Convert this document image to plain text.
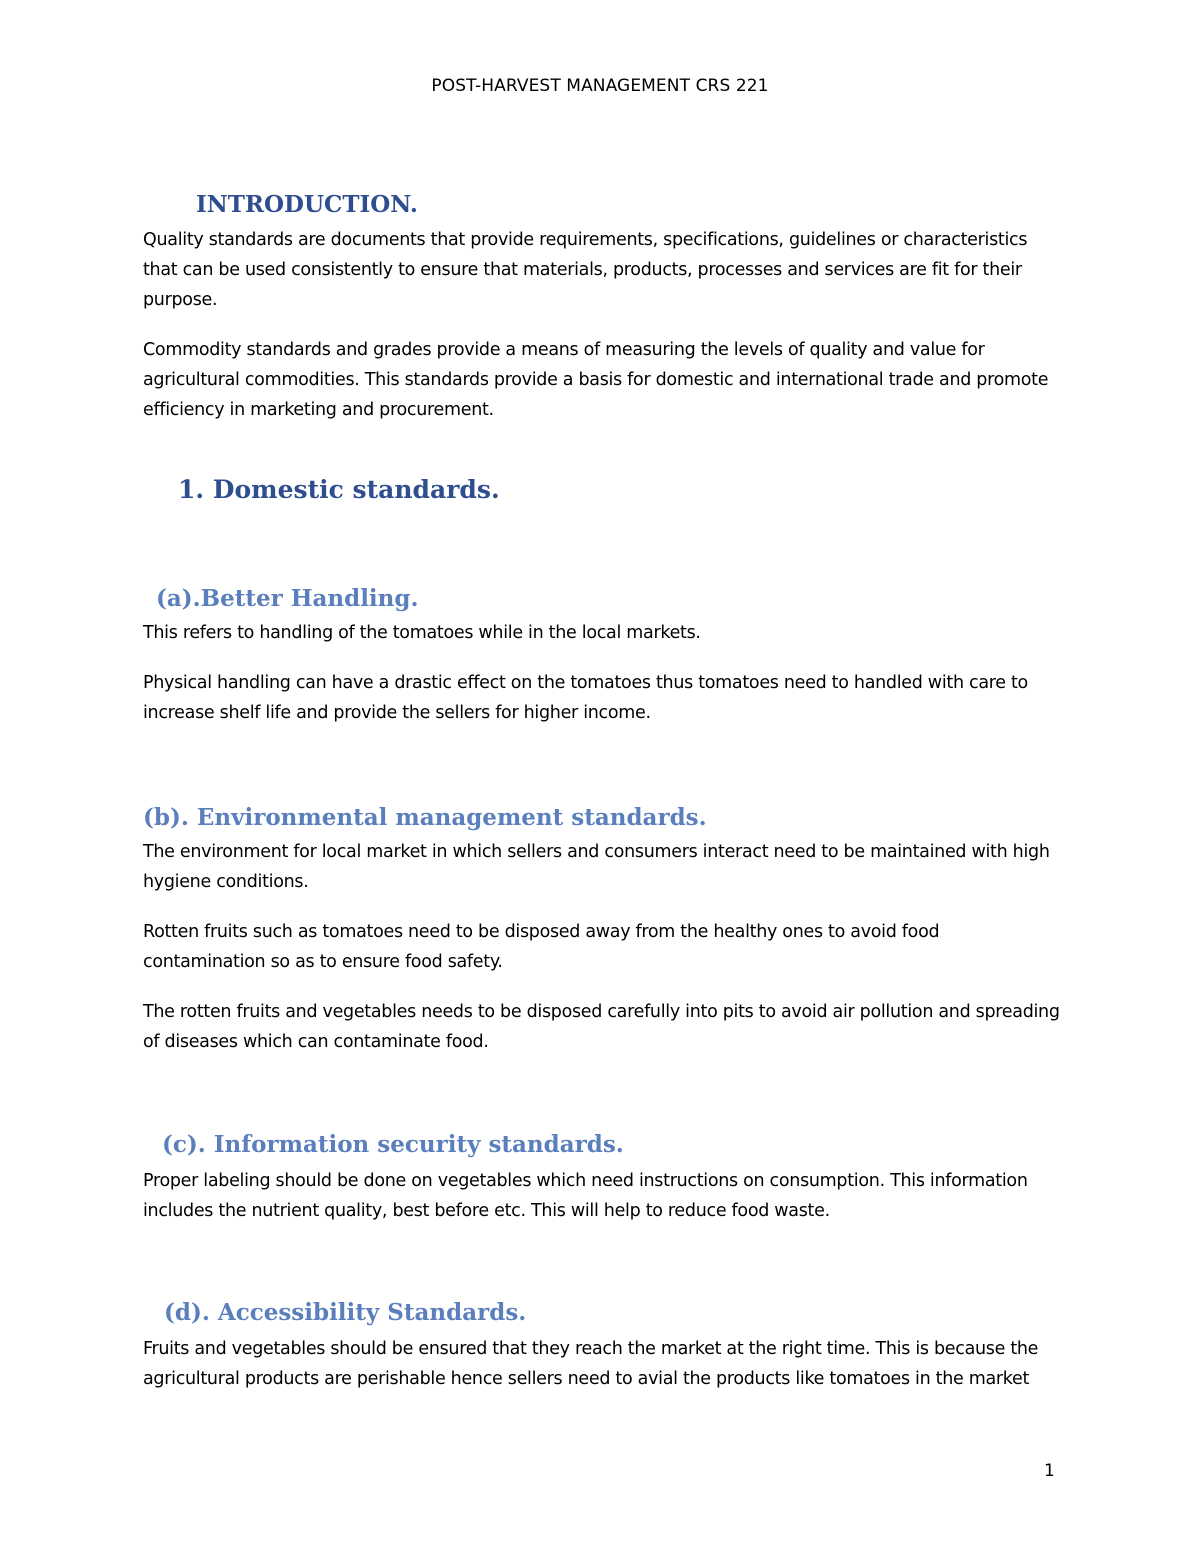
POST-HARVEST MANAGEMENT CRS 221
INTRODUCTION.

Quality standards are documents that provide requirements, specifications, guidelines or characteristics that can be used consistently to ensure that materials, products, processes and services are fit for their purpose.

Commodity standards and grades provide a means of measuring the levels of quality and value for agricultural commodities. This standards provide a basis for domestic and international trade and promote efficiency in marketing and procurement.

1. Domestic standards.
(a).Better Handling.

This refers to handling of the tomatoes while in the local markets.

Physical handling can have a drastic effect on the tomatoes thus tomatoes need to handled with care to increase shelf life and provide the sellers for higher income.

(b). Environmental management standards.

The environment for local market in which sellers and consumers interact need to be maintained with high hygiene conditions.

Rotten fruits such as tomatoes need to be disposed away from the healthy ones to avoid food contamination so as to ensure food safety.

The rotten fruits and vegetables needs to be disposed carefully into pits to avoid air pollution and spreading of diseases which can contaminate food.

(c). Information security standards.

Proper labeling should be done on vegetables which need instructions on consumption. This information includes the nutrient quality, best before etc. This will help to reduce food waste.

(d). Accessibility Standards.

Fruits and vegetables should be ensured that they reach the market at the right time. This is because the agricultural products are perishable hence sellers need to avial the products like tomatoes in the market

1
